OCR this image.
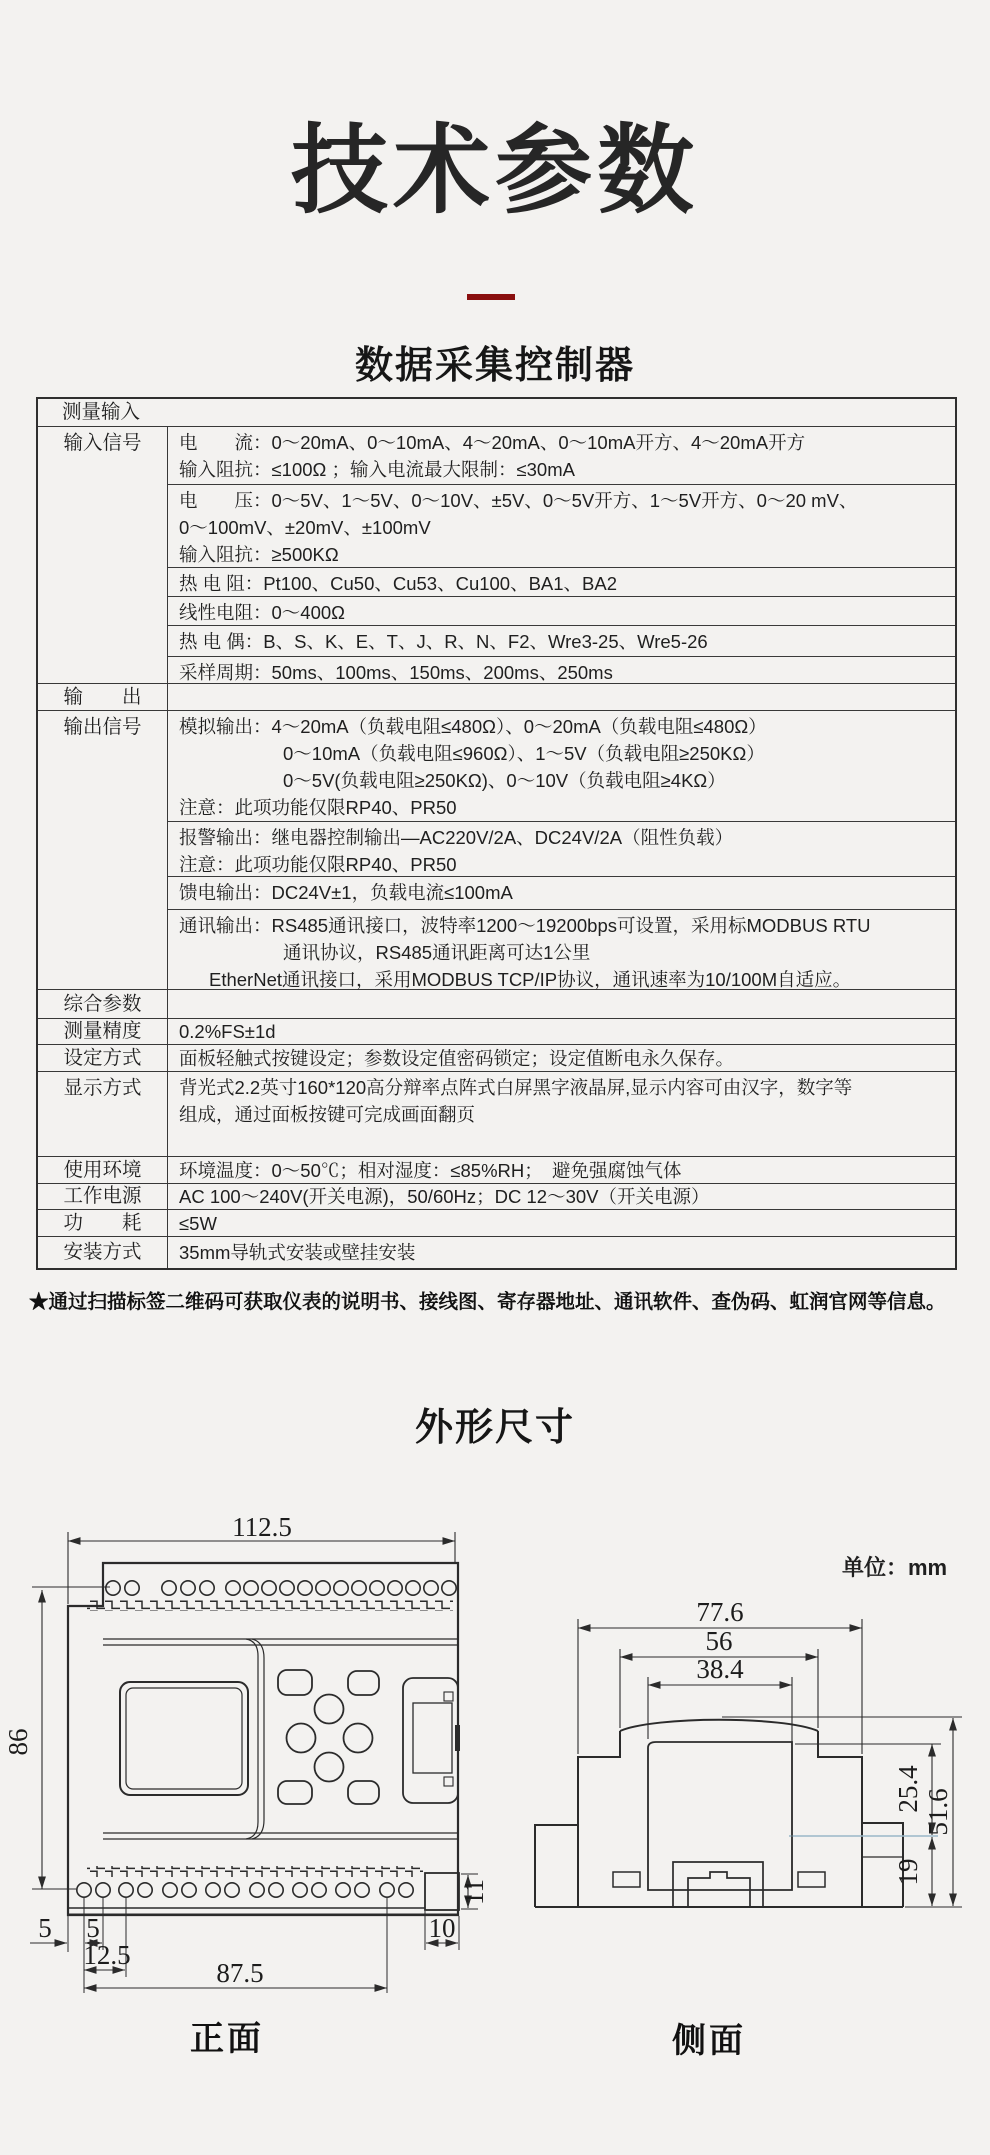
技术参数
数据采集控制器
测量输入
输入信号	电　　流：0～20mA、0～10mA、4～20mA、0～10mA开方、4～20mA开方
输入阻抗：≤100Ω ；输入电流最大限制：≤30mA
电　　压：0～5V、1～5V、0～10V、±5V、0～5V开方、1～5V开方、0～20 mV、
0～100mV、±20mV、±100mV
输入阻抗：≥500KΩ
热 电 阻：Pt100、Cu50、Cu53、Cu100、BA1、BA2
线性电阻：0～400Ω
热 电 偶：B、S、K、E、T、J、R、N、F2、Wre3-25、Wre5-26
采样周期：50ms、100ms、150ms、200ms、250ms
输　　出
输出信号	模拟输出：4～20mA（负载电阻≤480Ω）、0～20mA（负载电阻≤480Ω）
0～10mA（负载电阻≤960Ω）、1～5V（负载电阻≥250KΩ）
0～5V(负载电阻≥250KΩ)、0～10V（负载电阻≥4KΩ）
注意：此项功能仅限RP40、PR50
报警输出：继电器控制输出—AC220V/2A、DC24V/2A（阻性负载）
注意：此项功能仅限RP40、PR50
馈电输出：DC24V±1，负载电流≤100mA
通讯输出：RS485通讯接口，波特率1200～19200bps可设置，采用标MODBUS RTU
通讯协议，RS485通讯距离可达1公里
EtherNet通讯接口，采用MODBUS TCP/IP协议，通讯速率为10/100M自适应。
综合参数
测量精度	0.2%FS±1d
设定方式	面板轻触式按键设定；参数设定值密码锁定；设定值断电永久保存。
显示方式	背光式2.2英寸160*120高分辩率点阵式白屏黑字液晶屏,显示内容可由汉字，数字等
组成，通过面板按键可完成画面翻页
使用环境	环境温度：0～50℃；相对湿度：≤85%RH；　避免强腐蚀气体
工作电源	AC 100～240V(开关电源)，50/60Hz；DC 12～30V（开关电源）
功　　耗	≤5W
安装方式	35mm导轨式安装或壁挂安装
★通过扫描标签二维码可获取仪表的说明书、接线图、寄存器地址、通讯软件、查伪码、虹润官网等信息。
外形尺寸
单位：mm
112.5
86
5 5
12.5
87.5
10
11
77.6
56
38.4
25.4 51.6
19
正面	侧面
